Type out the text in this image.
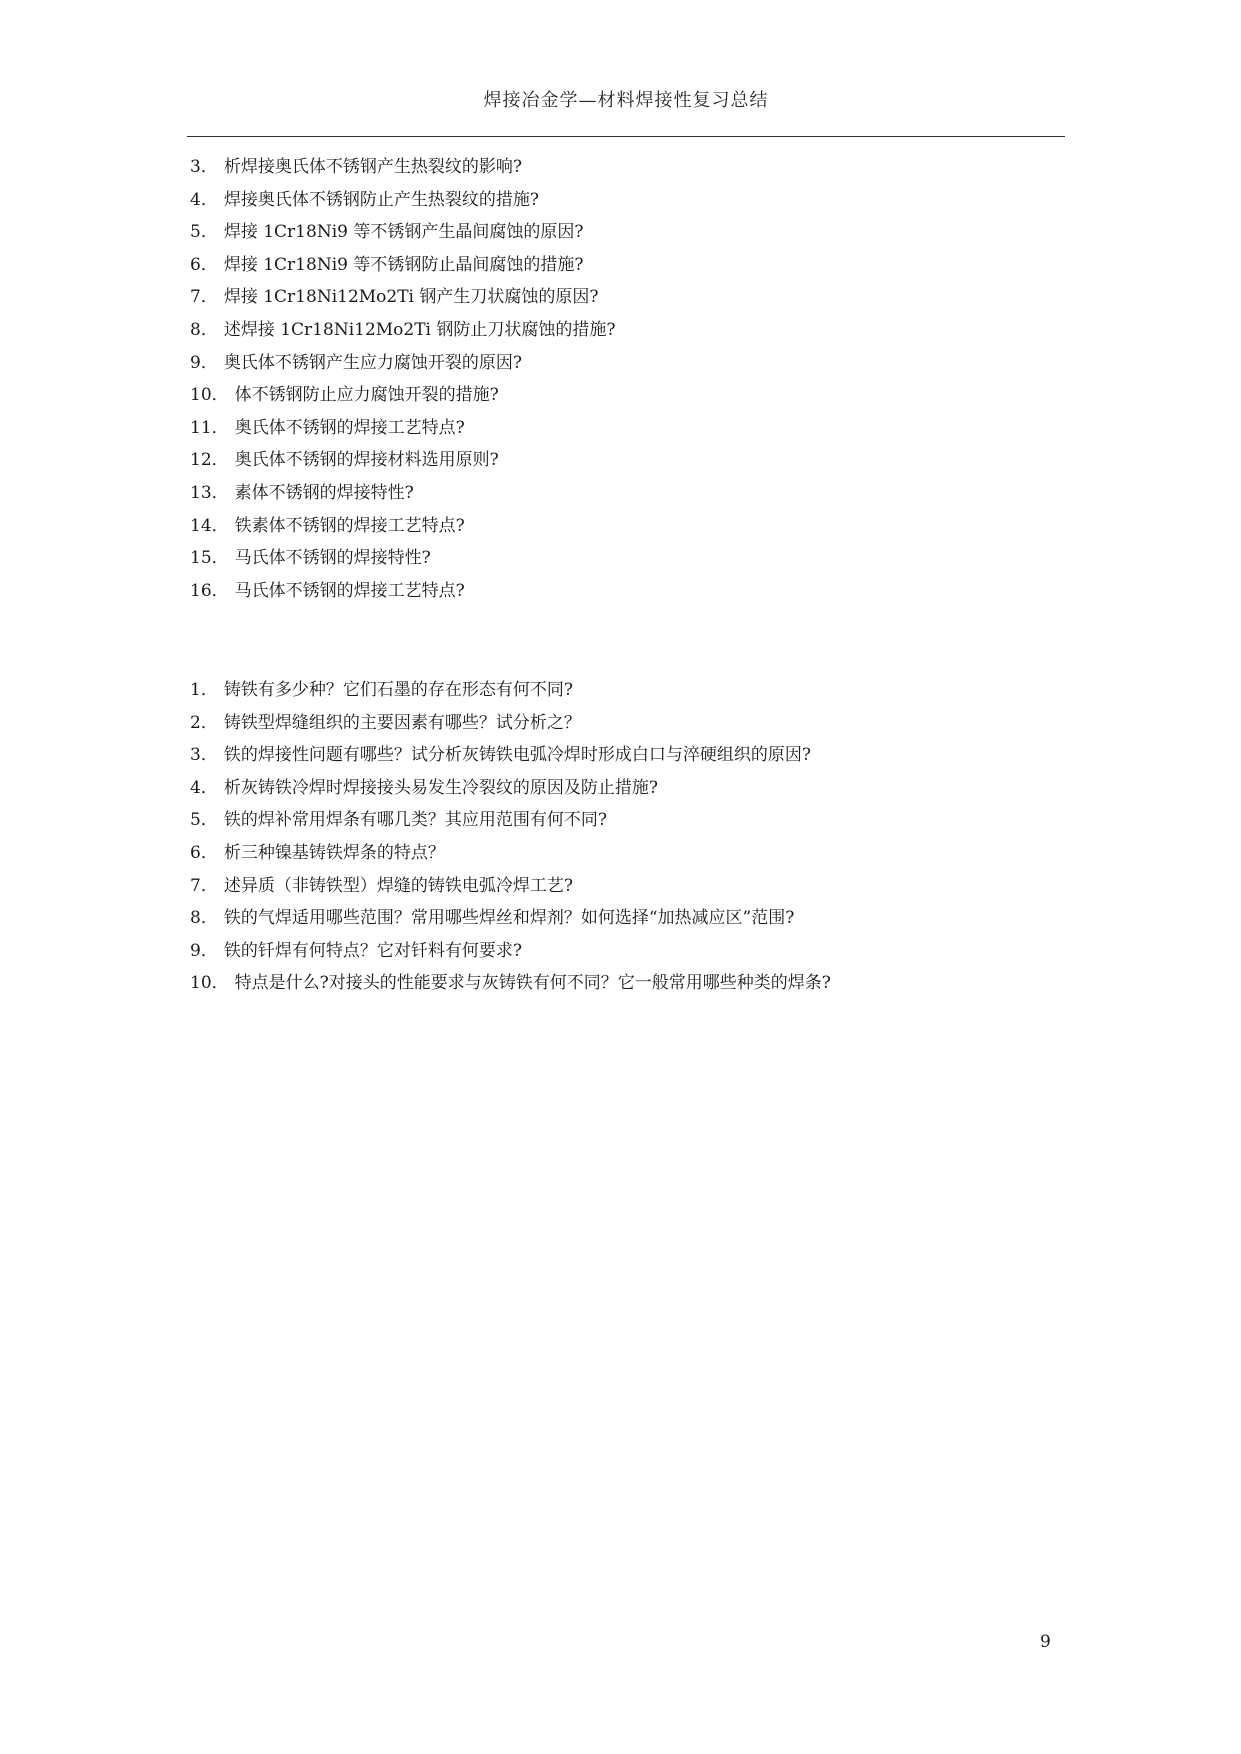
焊接冶金学—材料焊接性复习总结
3． 析焊接奥氏体不锈钢产生热裂纹的影响?
4． 焊接奥氏体不锈钢防止产生热裂纹的措施?
5． 焊接 1Cr18Ni9 等不锈钢产生晶间腐蚀的原因?
6． 焊接 1Cr18Ni9 等不锈钢防止晶间腐蚀的措施?
7． 焊接 1Cr18Ni12Mo2Ti 钢产生刀状腐蚀的原因?
8． 述焊接 1Cr18Ni12Mo2Ti 钢防止刀状腐蚀的措施?
9． 奥氏体不锈钢产生应力腐蚀开裂的原因?
10． 体不锈钢防止应力腐蚀开裂的措施?
11． 奥氏体不锈钢的焊接工艺特点?
12． 奥氏体不锈钢的焊接材料选用原则?
13． 素体不锈钢的焊接特性?
14． 铁素体不锈钢的焊接工艺特点?
15． 马氏体不锈钢的焊接特性?
16． 马氏体不锈钢的焊接工艺特点?
1． 铸铁有多少种？它们石墨的存在形态有何不同?
2． 铸铁型焊缝组织的主要因素有哪些？试分析之？
3． 铁的焊接性问题有哪些？试分析灰铸铁电弧冷焊时形成白口与淬硬组织的原因?
4． 析灰铸铁冷焊时焊接接头易发生冷裂纹的原因及防止措施?
5． 铁的焊补常用焊条有哪几类？其应用范围有何不同?
6． 析三种镍基铸铁焊条的特点？
7． 述异质（非铸铁型）焊缝的铸铁电弧冷焊工艺?
8． 铁的气焊适用哪些范围？常用哪些焊丝和焊剂？如何选择“加热减应区”范围?
9． 铁的钎焊有何特点？它对钎料有何要求?
10． 特点是什么?对接头的性能要求与灰铸铁有何不同？它一般常用哪些种类的焊条?
9
